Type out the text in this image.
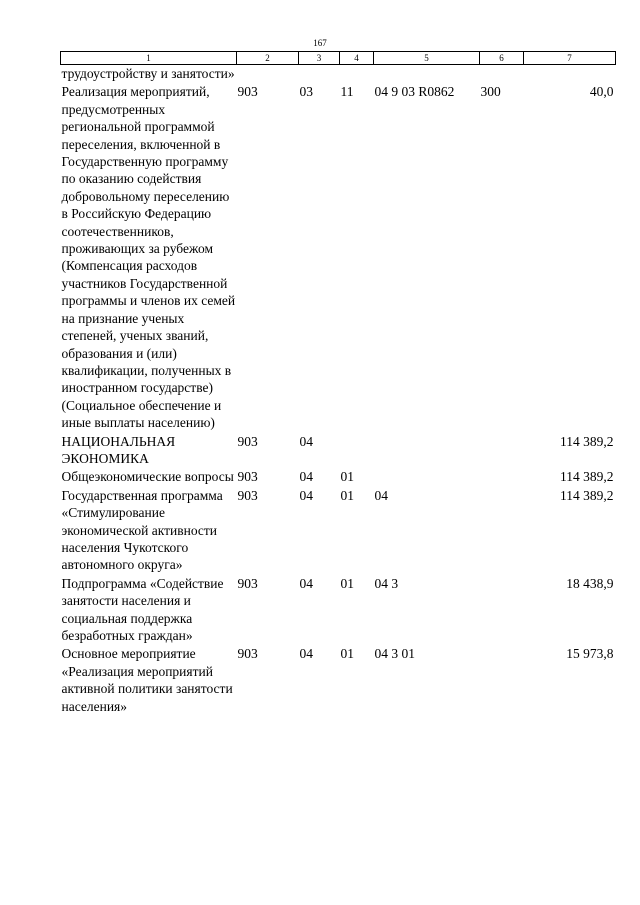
167
1	2	3	4	5	6	7
трудоустройству и занятости»						
Реализация мероприятий, предусмотренных региональной программой переселения, включенной в Государственную программу по оказанию содействия добровольному переселению в Российскую Федерацию соотечественников, проживающих за рубежом (Компенсация расходов участников Государственной программы и членов их семей на признание ученых степеней, ученых званий, образования и (или) квалификации, полученных в иностранном государстве) (Социальное обеспечение и иные выплаты населению)	903	03	11	04 9 03 R0862	300	40,0
НАЦИОНАЛЬНАЯ ЭКОНОМИКА	903	04				114 389,2
Общеэкономические вопросы	903	04	01			114 389,2
Государственная программа «Стимулирование экономической активности населения Чукотского автономного округа»	903	04	01	04		114 389,2
Подпрограмма «Содействие занятости населения и социальная поддержка безработных граждан»	903	04	01	04 3		18 438,9
Основное мероприятие «Реализация мероприятий активной политики занятости населения»	903	04	01	04 3 01		15 973,8
